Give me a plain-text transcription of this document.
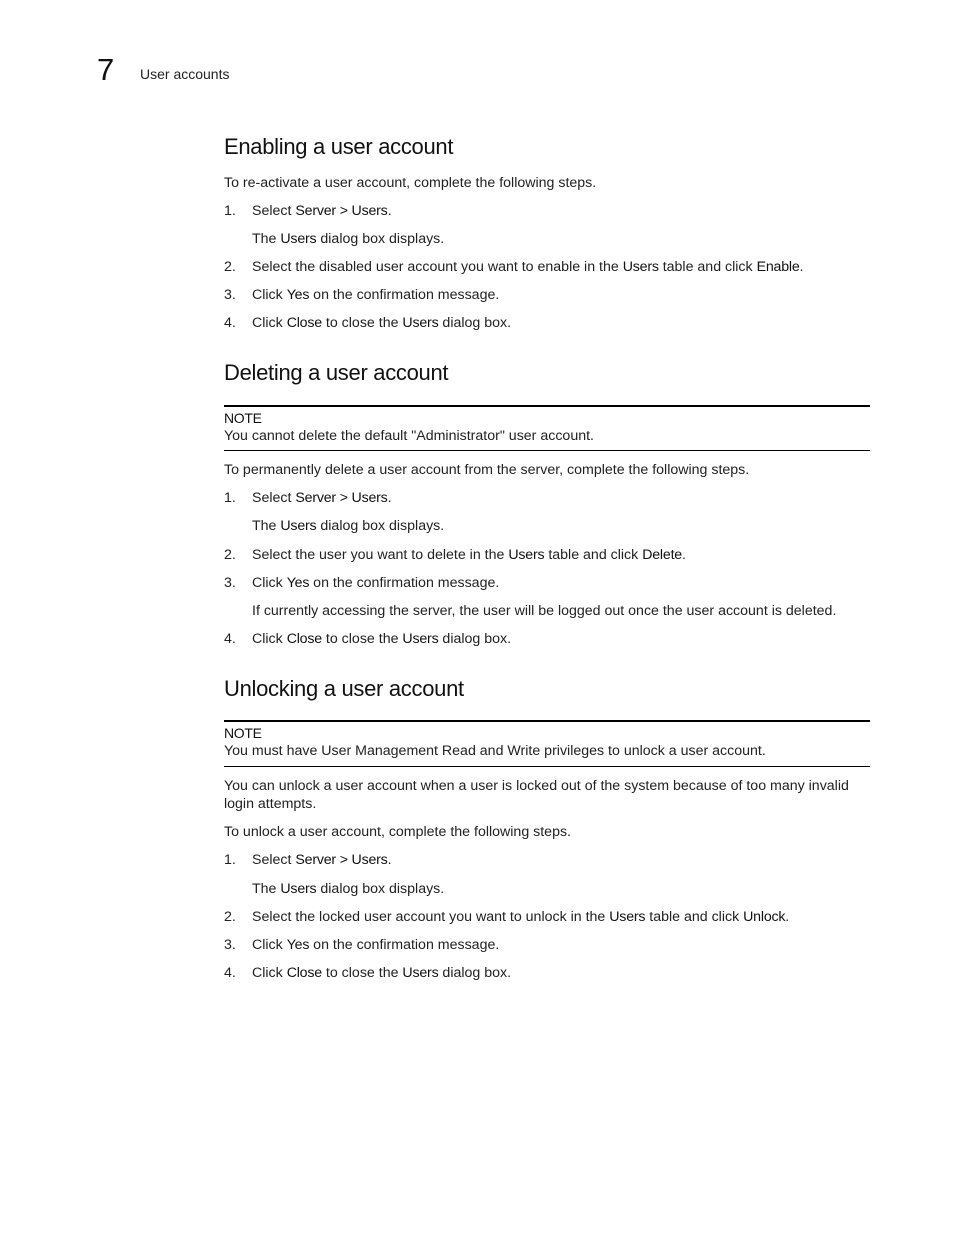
7 User accounts
Enabling a user account
To re-activate a user account, complete the following steps.
1. Select Server > Users.
The Users dialog box displays.
2. Select the disabled user account you want to enable in the Users table and click Enable.
3. Click Yes on the confirmation message.
4. Click Close to close the Users dialog box.
Deleting a user account
NOTE
You cannot delete the default "Administrator" user account.
To permanently delete a user account from the server, complete the following steps.
1. Select Server > Users.
The Users dialog box displays.
2. Select the user you want to delete in the Users table and click Delete.
3. Click Yes on the confirmation message.
If currently accessing the server, the user will be logged out once the user account is deleted.
4. Click Close to close the Users dialog box.
Unlocking a user account
NOTE
You must have User Management Read and Write privileges to unlock a user account.
You can unlock a user account when a user is locked out of the system because of too many invalid login attempts.
To unlock a user account, complete the following steps.
1. Select Server > Users.
The Users dialog box displays.
2. Select the locked user account you want to unlock in the Users table and click Unlock.
3. Click Yes on the confirmation message.
4. Click Close to close the Users dialog box.
